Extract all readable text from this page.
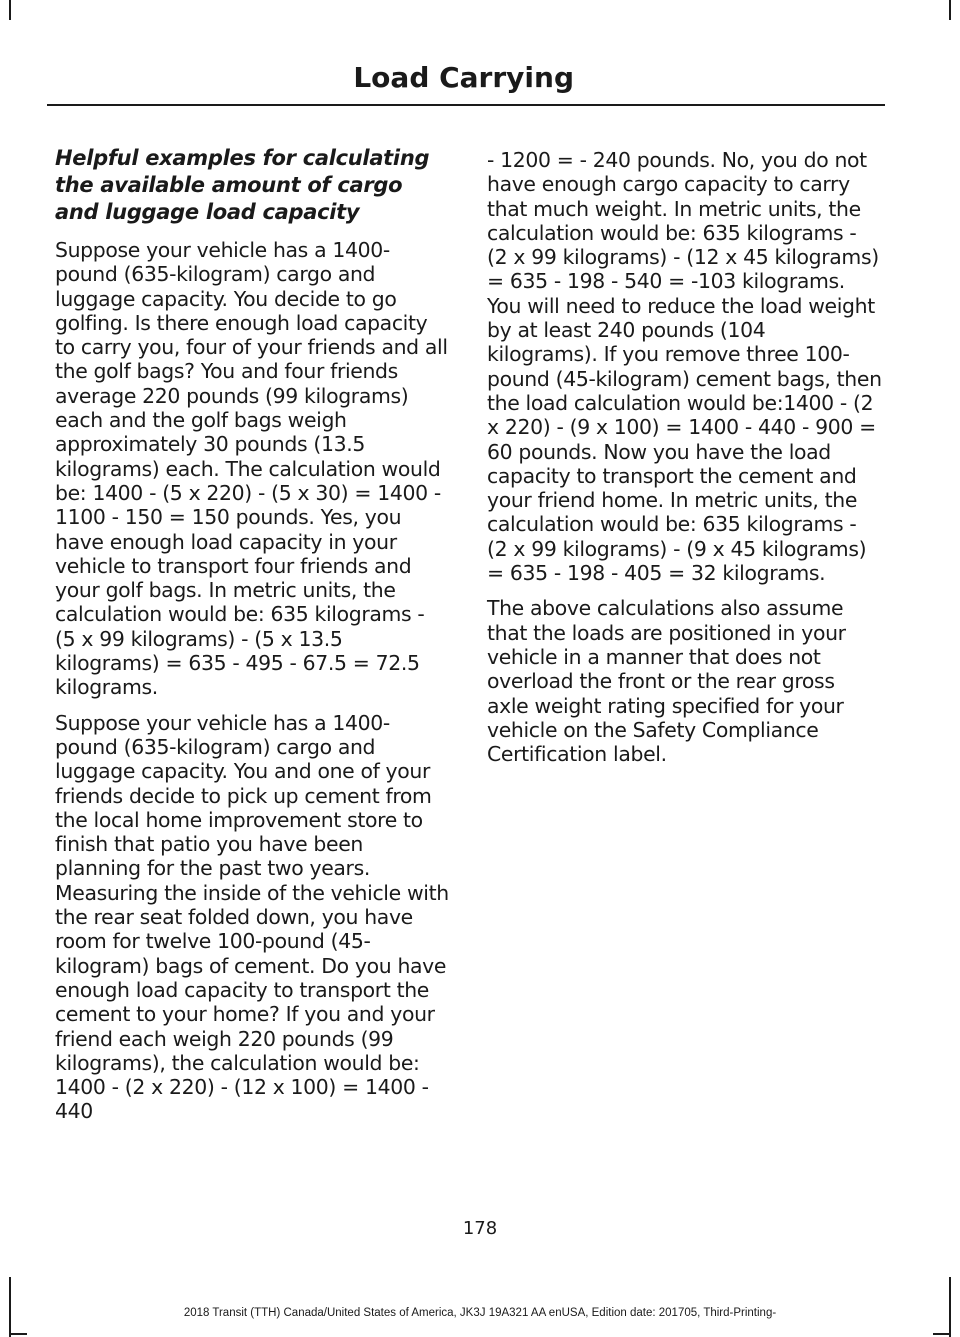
Load Carrying
Helpful examples for calculating the available amount of cargo and luggage load capacity

Suppose your vehicle has a 1400-pound (635-kilogram) cargo and luggage capacity. You decide to go golfing. Is there enough load capacity to carry you, four of your friends and all the golf bags? You and four friends average 220 pounds (99 kilograms) each and the golf bags weigh approximately 30 pounds (13.5 kilograms) each. The calculation would be: 1400 - (5 x 220) - (5 x 30) = 1400 - 1100 - 150 = 150 pounds. Yes, you have enough load capacity in your vehicle to transport four friends and your golf bags. In metric units, the calculation would be: 635 kilograms - (5 x 99 kilograms) - (5 x 13.5 kilograms) = 635 - 495 - 67.5 = 72.5 kilograms.

Suppose your vehicle has a 1400-pound (635-kilogram) cargo and luggage capacity. You and one of your friends decide to pick up cement from the local home improvement store to finish that patio you have been planning for the past two years. Measuring the inside of the vehicle with the rear seat folded down, you have room for twelve 100-pound (45-kilogram) bags of cement. Do you have enough load capacity to transport the cement to your home? If you and your friend each weigh 220 pounds (99 kilograms), the calculation would be: 1400 - (2 x 220) - (12 x 100) = 1400 - 440

- 1200 = - 240 pounds. No, you do not have enough cargo capacity to carry that much weight. In metric units, the calculation would be: 635 kilograms - (2 x 99 kilograms) - (12 x 45 kilograms) = 635 - 198 - 540 = -103 kilograms. You will need to reduce the load weight by at least 240 pounds (104 kilograms). If you remove three 100-pound (45-kilogram) cement bags, then the load calculation would be:1400 - (2 x 220) - (9 x 100) = 1400 - 440 - 900 = 60 pounds. Now you have the load capacity to transport the cement and your friend home. In metric units, the calculation would be: 635 kilograms - (2 x 99 kilograms) - (9 x 45 kilograms) = 635 - 198 - 405 = 32 kilograms.

The above calculations also assume that the loads are positioned in your vehicle in a manner that does not overload the front or the rear gross axle weight rating specified for your vehicle on the Safety Compliance Certification label.

178
2018 Transit (TTH) Canada/United States of America, JK3J 19A321 AA enUSA, Edition date: 201705, Third-Printing-
